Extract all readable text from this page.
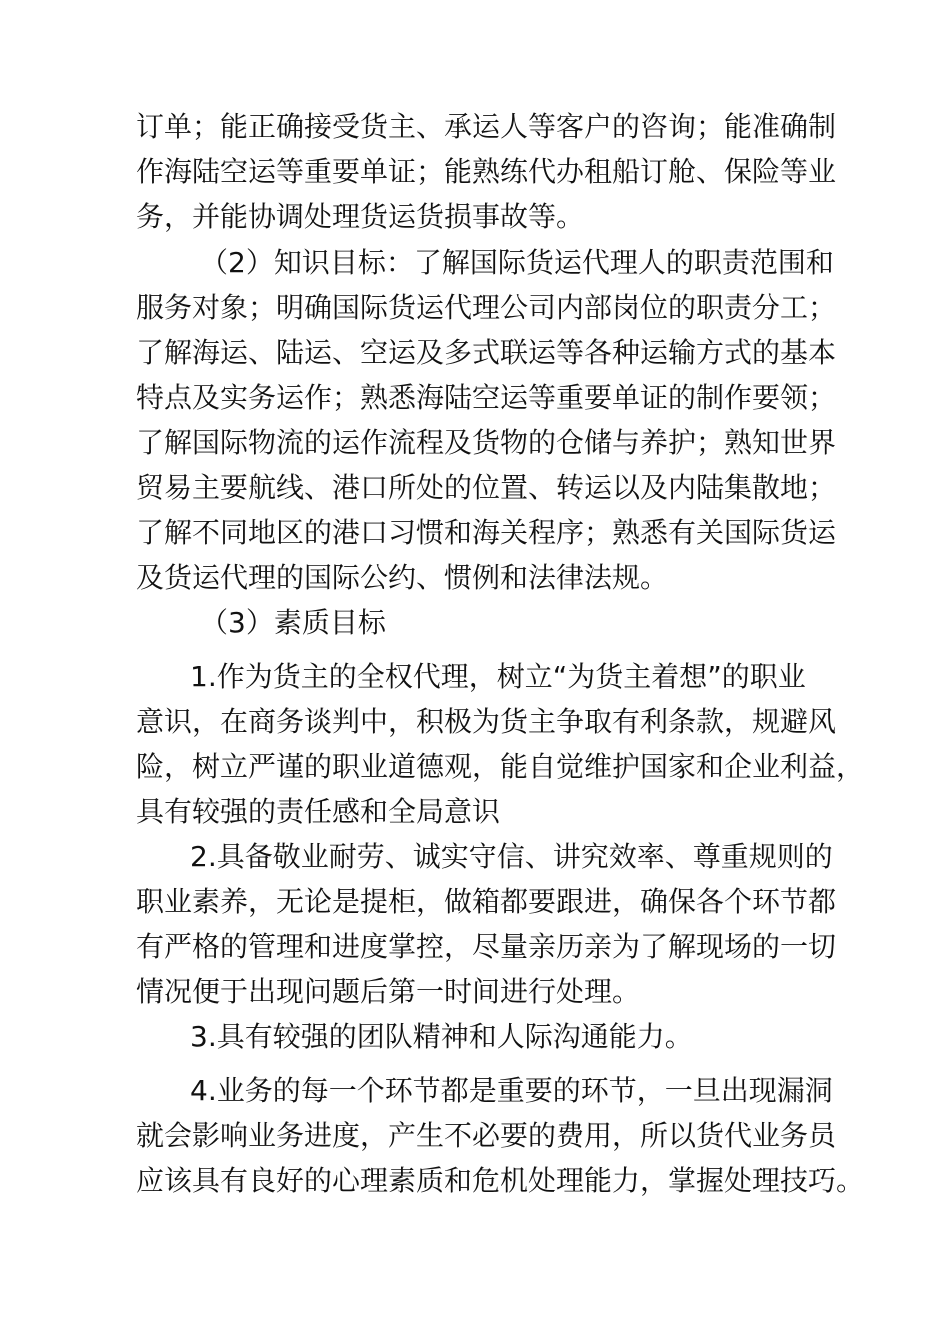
订单；能正确接受货主、承运人等客户的咨询；能准确制
作海陆空运等重要单证；能熟练代办租船订舱、保险等业
务，并能协调处理货运货损事故等。
（2）知识目标：了解国际货运代理人的职责范围和
服务对象；明确国际货运代理公司内部岗位的职责分工；
了解海运、陆运、空运及多式联运等各种运输方式的基本
特点及实务运作；熟悉海陆空运等重要单证的制作要领；
了解国际物流的运作流程及货物的仓储与养护；熟知世界
贸易主要航线、港口所处的位置、转运以及内陆集散地；
了解不同地区的港口习惯和海关程序；熟悉有关国际货运
及货运代理的国际公约、惯例和法律法规。
（3）素质目标
1.作为货主的全权代理，树立“为货主着想”的职业
意识，在商务谈判中，积极为货主争取有利条款，规避风
险，树立严谨的职业道德观，能自觉维护国家和企业利益，
具有较强的责任感和全局意识
2.具备敬业耐劳、诚实守信、讲究效率、尊重规则的
职业素养，无论是提柜，做箱都要跟进，确保各个环节都
有严格的管理和进度掌控，尽量亲历亲为了解现场的一切
情况便于出现问题后第一时间进行处理。
3.具有较强的团队精神和人际沟通能力。
4.业务的每一个环节都是重要的环节，一旦出现漏洞
就会影响业务进度，产生不必要的费用，所以货代业务员
应该具有良好的心理素质和危机处理能力，掌握处理技巧。
